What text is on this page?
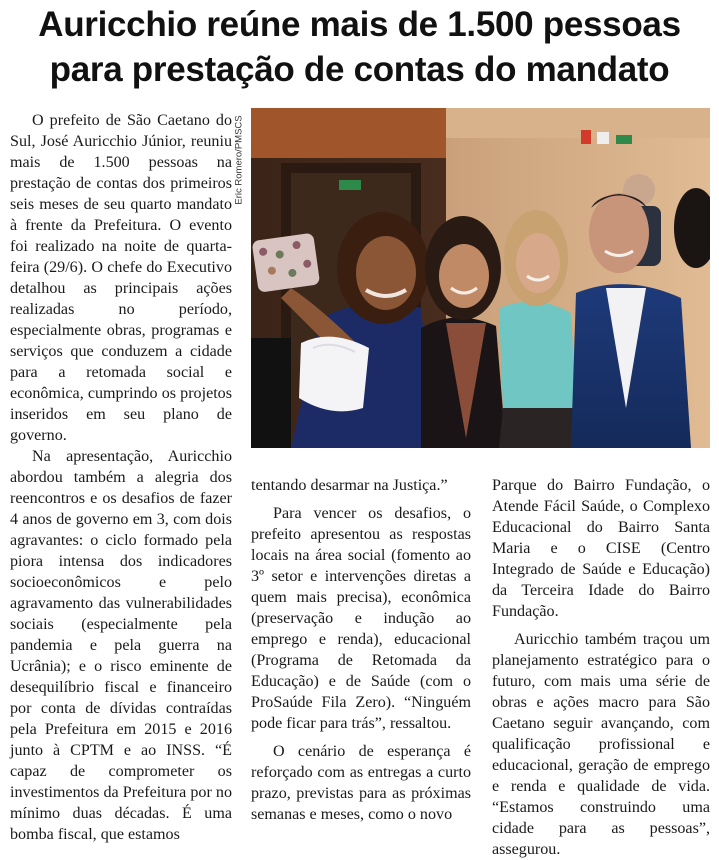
Auricchio reúne mais de 1.500 pessoas
para prestação de contas do mandato

O prefeito de São Caetano do Sul, José Auricchio Júnior, reuniu mais de 1.500 pessoas na prestação de contas dos primeiros seis meses de seu quarto mandato à frente da Prefeitura. O evento foi realizado na noite de quarta-feira (29/6). O chefe do Executivo detalhou as principais ações realizadas no período, especialmente obras, programas e serviços que conduzem a cidade para a retomada social e econômica, cumprindo os projetos inseridos em seu plano de governo.

Na apresentação, Auricchio abordou também a alegria dos reencontros e os desafios de fazer 4 anos de governo em 3, com dois agravantes: o ciclo formado pela piora intensa dos indicadores socioeconômicos e pelo agravamento das vulnerabilidades sociais (especialmente pela pandemia e pela guerra na Ucrânia); e o risco eminente de desequilíbrio fiscal e financeiro por conta de dívidas contraídas pela Prefeitura em 2015 e 2016 junto à CPTM e ao INSS. “É capaz de comprometer os investimentos da Prefeitura por no mínimo duas décadas. É uma bomba fiscal, que estamos

Eric Romero/PMSCS

tentando desarmar na Justiça.”

Para vencer os desafios, o prefeito apresentou as respostas locais na área social (fomento ao 3º setor e intervenções diretas a quem mais precisa), econômica (preservação e indução ao emprego e renda), educacional (Programa de Retomada da Educação) e de Saúde (com o ProSaúde Fila Zero). “Ninguém pode ficar para trás”, ressaltou.

O cenário de esperança é reforçado com as entregas a curto prazo, previstas para as próximas semanas e meses, como o novo

Parque do Bairro Fundação, o Atende Fácil Saúde, o Complexo Educacional do Bairro Santa Maria e o CISE (Centro Integrado de Saúde e Educação) da Terceira Idade do Bairro Fundação.

Auricchio também traçou um planejamento estratégico para o futuro, com mais uma série de obras e ações macro para São Caetano seguir avançando, com qualificação profissional e educacional, geração de emprego e renda e qualidade de vida. “Estamos construindo uma cidade para as pessoas”, assegurou.
